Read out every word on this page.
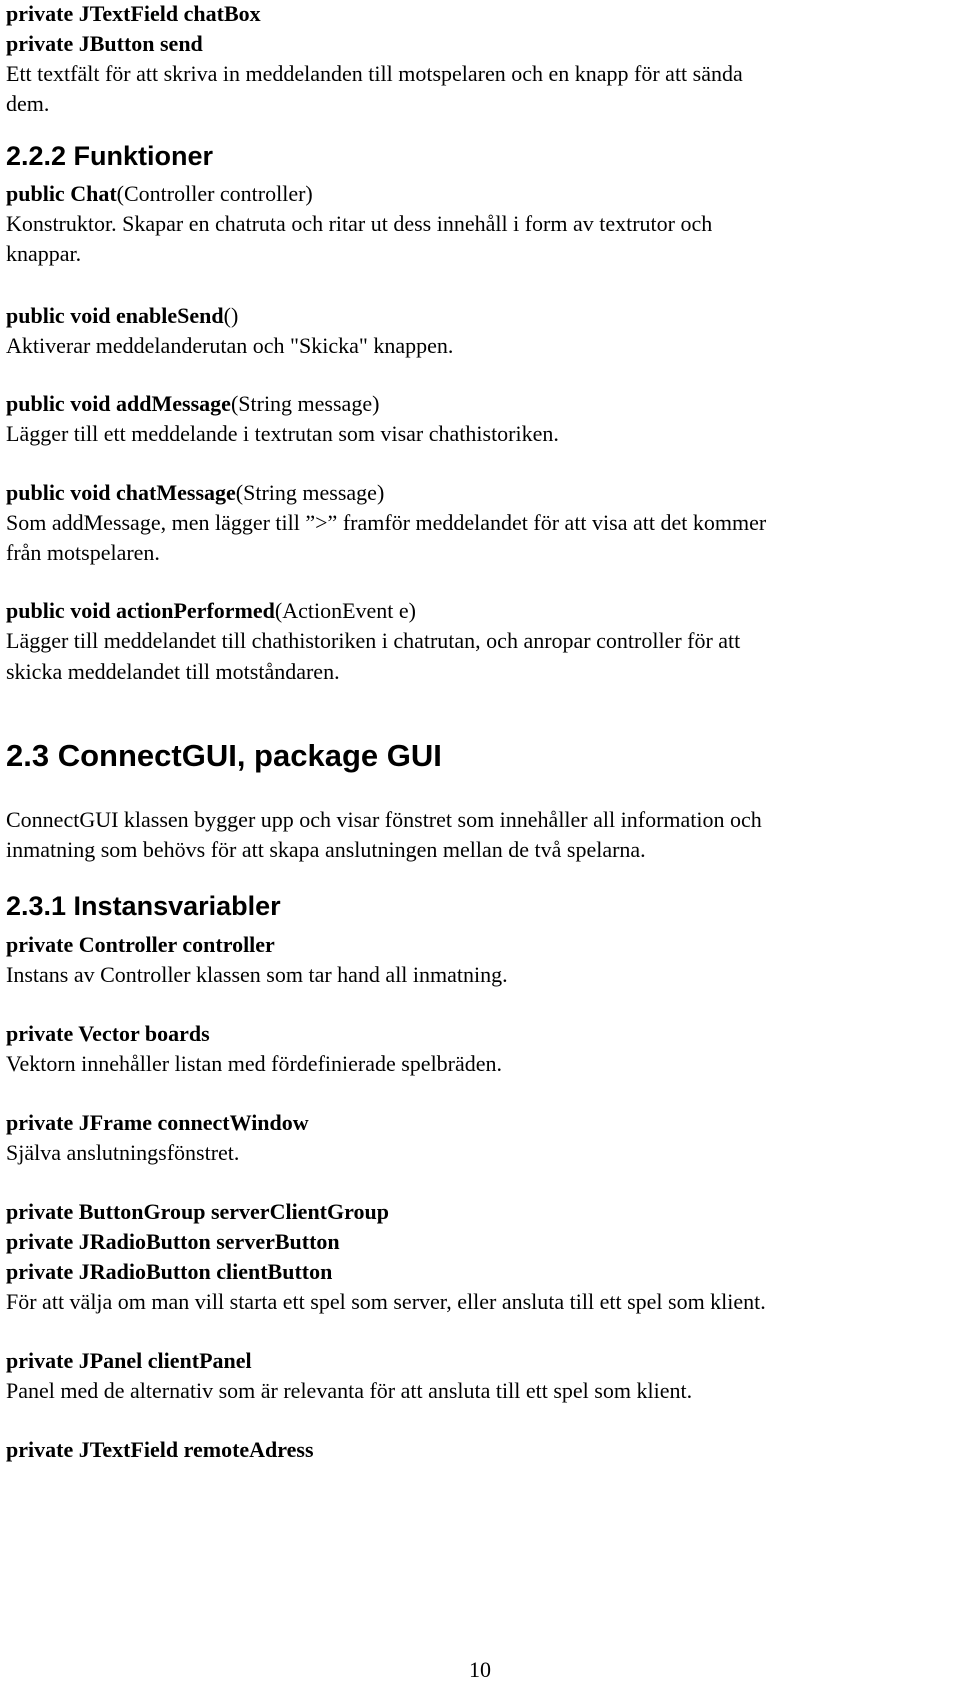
private JTextField chatBox
private JButton send
Ett textfält för att skriva in meddelanden till motspelaren och en knapp för att sända
dem.
2.2.2 Funktioner
public Chat(Controller controller)
Konstruktor. Skapar en chatruta och ritar ut dess innehåll i form av textrutor och
knappar.
public void enableSend()
Aktiverar meddelanderutan och "Skicka" knappen.
public void addMessage(String message)
Lägger till ett meddelande i textrutan som visar chathistoriken.
public void chatMessage(String message)
Som addMessage, men lägger till ”>” framför meddelandet för att visa att det kommer
från motspelaren.
public void actionPerformed(ActionEvent e)
Lägger till meddelandet till chathistoriken i chatrutan, och anropar controller för att
skicka meddelandet till motståndaren.
2.3 ConnectGUI, package GUI
ConnectGUI klassen bygger upp och visar fönstret som innehåller all information och
inmatning som behövs för att skapa anslutningen mellan de två spelarna.
2.3.1 Instansvariabler
private Controller controller
Instans av Controller klassen som tar hand all inmatning.
private Vector boards
Vektorn innehåller listan med fördefinierade spelbräden.
private JFrame connectWindow
Själva anslutningsfönstret.
private ButtonGroup serverClientGroup
private JRadioButton serverButton
private JRadioButton clientButton
För att välja om man vill starta ett spel som server, eller ansluta till ett spel som klient.
private JPanel clientPanel
Panel med de alternativ som är relevanta för att ansluta till ett spel som klient.
private JTextField remoteAdress
10
